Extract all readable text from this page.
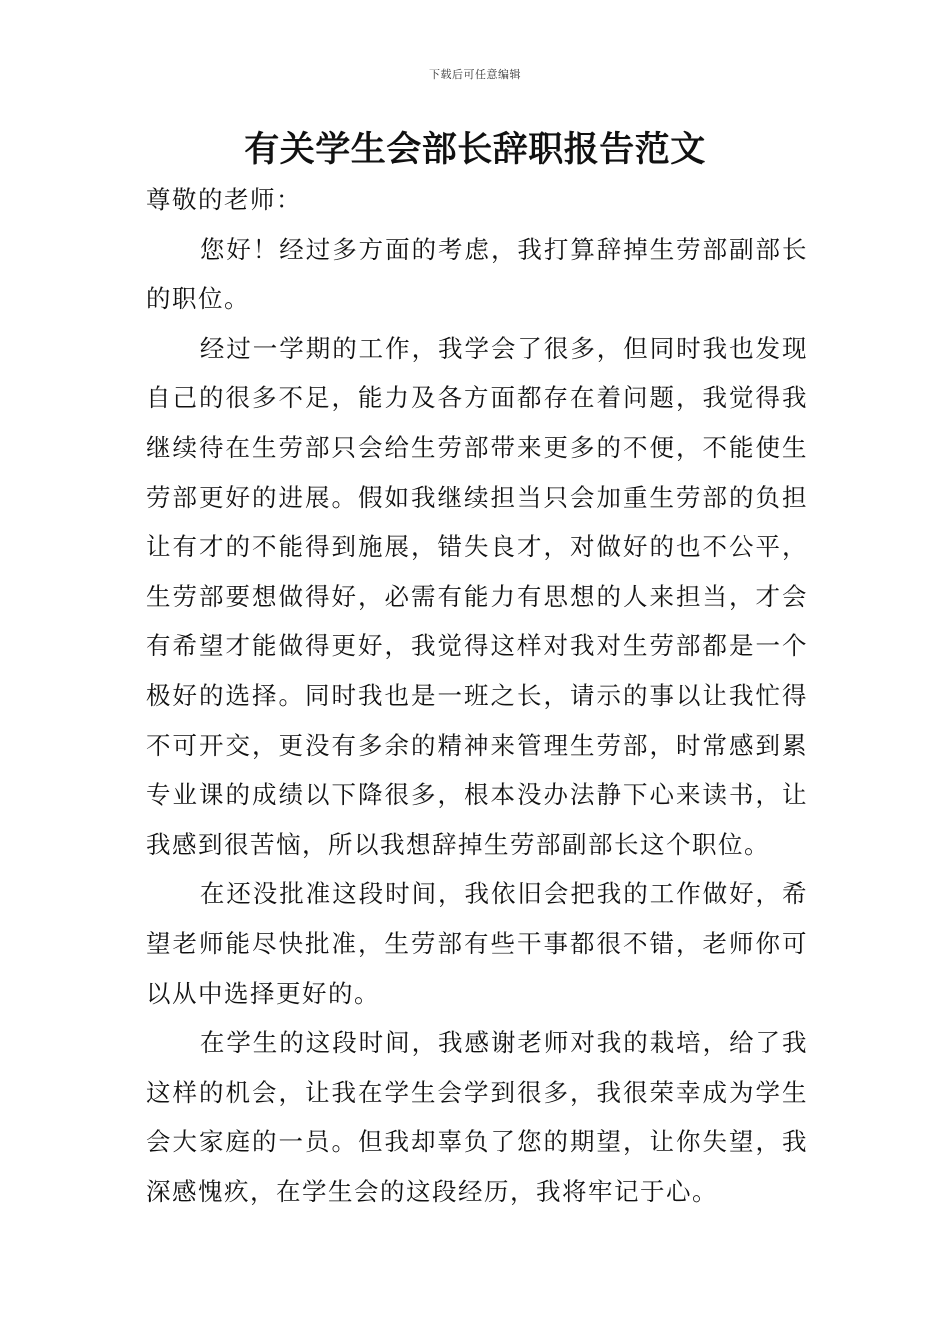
下载后可任意编辑
有关学生会部长辞职报告范文

尊敬的老师：

您好！经过多方面的考虑，我打算辞掉生劳部副部长的职位。

经过一学期的工作，我学会了很多，但同时我也发现自己的很多不足，能力及各方面都存在着问题，我觉得我继续待在生劳部只会给生劳部带来更多的不便，不能使生劳部更好的进展。假如我继续担当只会加重生劳部的负担让有才的不能得到施展，错失良才，对做好的也不公平，生劳部要想做得好，必需有能力有思想的人来担当，才会有希望才能做得更好，我觉得这样对我对生劳部都是一个极好的选择。同时我也是一班之长，请示的事以让我忙得不可开交，更没有多余的精神来管理生劳部，时常感到累专业课的成绩以下降很多，根本没办法静下心来读书，让我感到很苦恼，所以我想辞掉生劳部副部长这个职位。

在还没批准这段时间，我依旧会把我的工作做好，希望老师能尽快批准，生劳部有些干事都很不错，老师你可以从中选择更好的。

在学生的这段时间，我感谢老师对我的栽培，给了我这样的机会，让我在学生会学到很多，我很荣幸成为学生会大家庭的一员。但我却辜负了您的期望，让你失望，我深感愧疚，在学生会的这段经历，我将牢记于心。
